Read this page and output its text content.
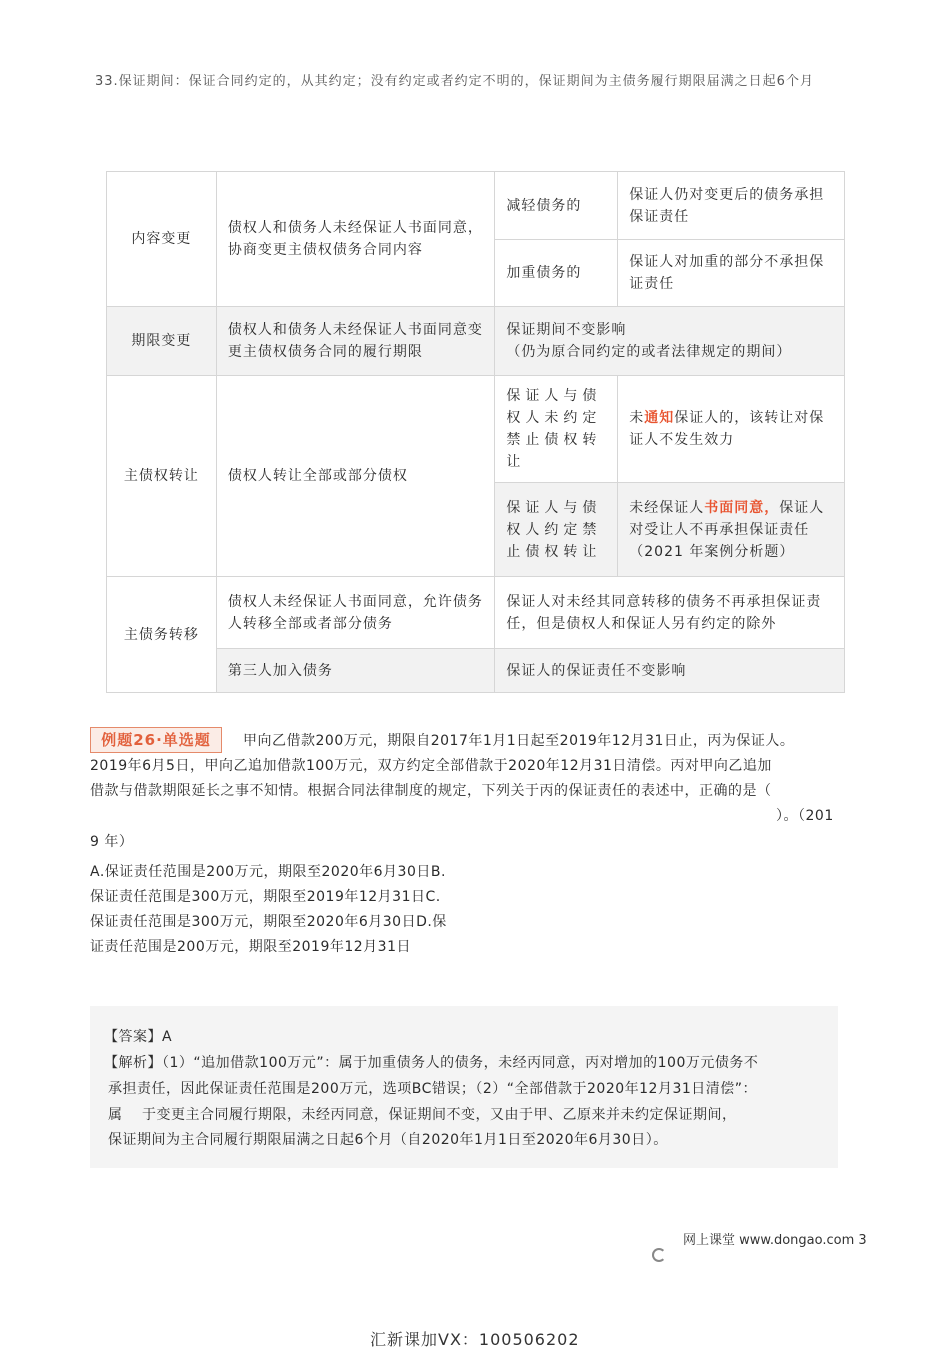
33.保证期间：保证合同约定的，从其约定；没有约定或者约定不明的，保证期间为主债务履行期限届满之日起6个月
内容变更	债权人和债务人未经保证人书面同意，协商变更主债权债务合同内容	减轻债务的	保证人仍对变更后的债务承担保证责任
		加重债务的	保证人对加重的部分不承担保证责任
期限变更	债权人和债务人未经保证人书面同意变更主债权债务合同的履行期限	保证期间不变影响
（仍为原合同约定的或者法律规定的期间）	
主债权转让	债权人转让全部或部分债权	保证人与债权人未约定禁止债权转让	未通知保证人的，该转让对保证人不发生效力
		保证人与债权人约定禁止债权转让	未经保证人书面同意，保证人对受让人不再承担保证责任（2021 年案例分析题）
主债务转移	债权人未经保证人书面同意，允许债务人转移全部或者部分债务	保证人对未经其同意转移的债务不再承担保证责任，但是债权人和保证人另有约定的除外	
	第三人加入债务	保证人的保证责任不变影响	
例题26·单选题	甲向乙借款200万元，期限自2017年1月1日起至2019年12月31日止，丙为保证人。
2019年6月5日，甲向乙追加借款100万元，双方约定全部借款于2020年12月31日清偿。丙对甲向乙追加
借款与借款期限延长之事不知情。根据合同法律制度的规定，下列关于丙的保证责任的表述中，正确的是（
）。（201
9 年）
A.保证责任范围是200万元，期限至2020年6月30日B.保证责任范围是300万元，期限至2019年12月31日C.保证责任范围是300万元，期限至2020年6月30日D.保证责任范围是200万元，期限至2019年12月31日
【答案】A
【解析】（1）“追加借款100万元”：属于加重债务人的债务，未经丙同意，丙对增加的100万元债务不
承担责任，因此保证责任范围是200万元，选项BC错误；（2）“全部借款于2020年12月31日清偿”：
属　 于变更主合同履行期限，未经丙同意，保证期间不变，又由于甲、乙原来并未约定保证期间，
保证期间为主合同履行期限届满之日起6个月（自2020年1月1日至2020年6月30日）。
网上课堂 www.dongao.com 3
汇新课加VX：100506202
